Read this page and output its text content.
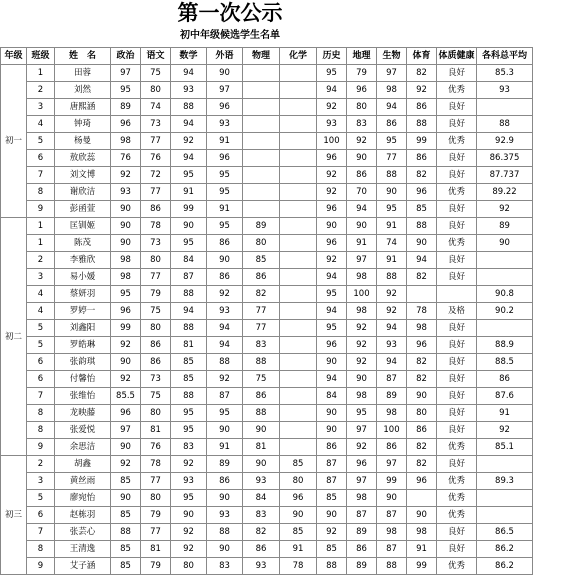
第一次公示
初中年级候选学生名单
年级	班级	姓　名	政治	语文	数学	外语	物理	化学	历史	地理	生物	体育	体质健康	各科总平均
初一	1	田蓉	97	75	94	90			95	79	97	82	良好	85.3
	2	刘然	95	80	93	97			94	96	98	92	优秀	93
	3	唐熙涵	89	74	88	96			92	80	94	86	良好	
	4	钟琦	96	73	94	93			93	83	86	88	良好	88
	5	杨曼	98	77	92	91			100	92	95	99	优秀	92.9
	6	敖欣蕊	76	76	94	96			96	90	77	86	良好	86.375
	7	刘文博	92	72	95	95			92	86	88	82	良好	87.737
	8	谢欣洁	93	77	91	95			92	70	90	96	优秀	89.22
	9	彭函萱	90	86	99	91			96	94	95	85	良好	92
初二	1	匡钏姬	90	78	90	95	89		90	90	91	88	良好	89
	1	陈茂	90	73	95	86	80		96	91	74	90	优秀	90
	2	李雅欣	98	80	84	90	85		92	97	91	94	良好	
	3	易小媛	98	77	87	86	86		94	98	88	82	良好	
	4	蔡妍羽	95	79	88	92	82		95	100	92			90.8
	4	罗婷一	96	75	94	93	77		94	98	92	78	及格	90.2
	5	刘鑫阳	99	80	88	94	77		95	92	94	98	良好	
	5	罗皓琳	92	86	81	94	83		96	92	93	96	良好	88.9
	6	张韵琪	90	86	85	88	88		90	92	94	82	良好	88.5
	6	付馨怡	92	73	85	92	75		94	90	87	82	良好	86
	7	张维怡	85.5	75	88	87	86		84	98	89	90	良好	87.6
	8	龙映藤	96	80	95	95	88		90	95	98	80	良好	91
	8	张爱悦	97	81	95	90	90		90	97	100	86	良好	92
	9	余思洁	90	76	83	91	81		86	92	86	82	优秀	85.1
初三	2	胡鑫	92	78	92	89	90	85	87	96	97	82	良好	
	3	黄丝雨	85	77	93	86	93	80	87	97	99	96	优秀	89.3
	5	廖宛怡	90	80	95	90	84	96	85	98	90		优秀	
	6	赵栋羽	85	79	90	93	83	90	90	87	87	90	优秀	
	7	张芸心	88	77	92	88	82	85	92	89	98	98	良好	86.5
	8	王清逸	85	81	92	90	86	91	85	86	87	91	良好	86.2
	9	艾子涵	85	79	80	83	93	78	88	89	88	99	优秀	86.2
